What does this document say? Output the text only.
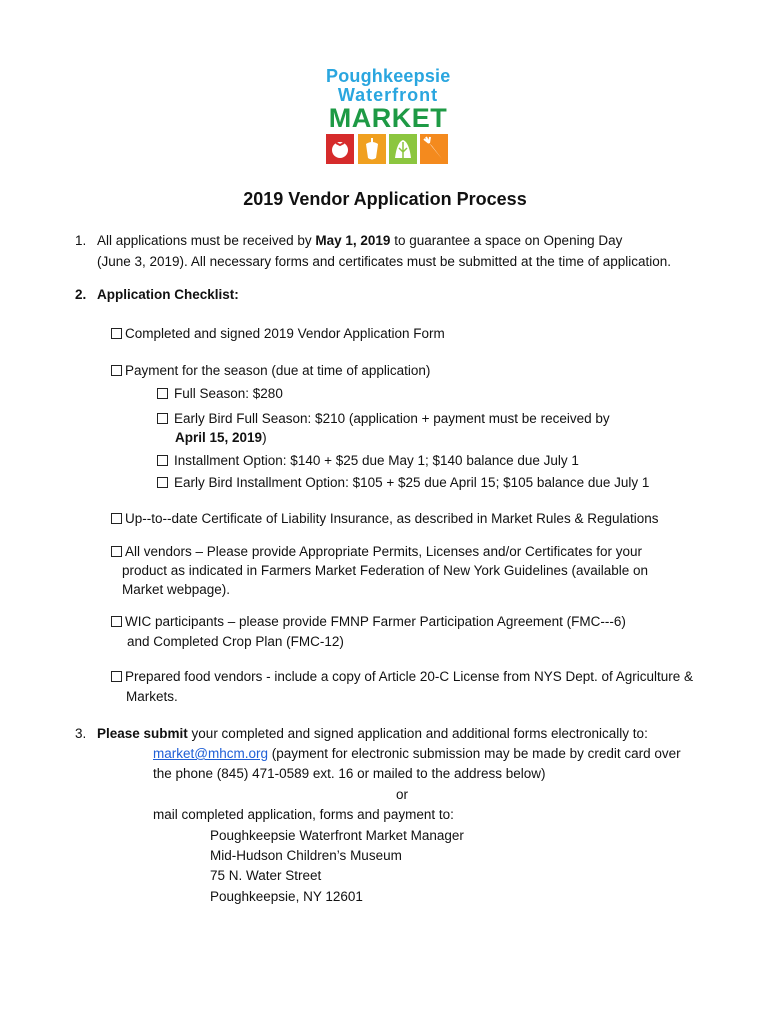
Poughkeepsie
Waterfront
MARKET
2019 Vendor Application Process
1. All applications must be received by May 1, 2019 to guarantee a space on Opening Day
(June 3, 2019). All necessary forms and certificates must be submitted at the time of application.
2. Application Checklist:
Completed and signed 2019 Vendor Application Form
Payment for the season (due at time of application)
Full Season: $280
Early Bird Full Season: $210 (application + payment must be received by
April 15, 2019)
Installment Option: $140 + $25 due May 1; $140 balance due July 1
Early Bird Installment Option: $105 + $25 due April 15; $105 balance due July 1
Up--to--date Certificate of Liability Insurance, as described in Market Rules & Regulations
All vendors – Please provide Appropriate Permits, Licenses and/or Certificates for your
product as indicated in Farmers Market Federation of New York Guidelines (available on
Market webpage).
WIC participants – please provide FMNP Farmer Participation Agreement (FMC---6)
and Completed Crop Plan (FMC-12)
Prepared food vendors - include a copy of Article 20-C License from NYS Dept. of Agriculture &
Markets.
3. Please submit your completed and signed application and additional forms electronically to:
market@mhcm.org (payment for electronic submission may be made by credit card over
the phone (845) 471-0589 ext. 16 or mailed to the address below)
or
mail completed application, forms and payment to:
Poughkeepsie Waterfront Market Manager
Mid-Hudson Children’s Museum
75 N. Water Street
Poughkeepsie, NY 12601
